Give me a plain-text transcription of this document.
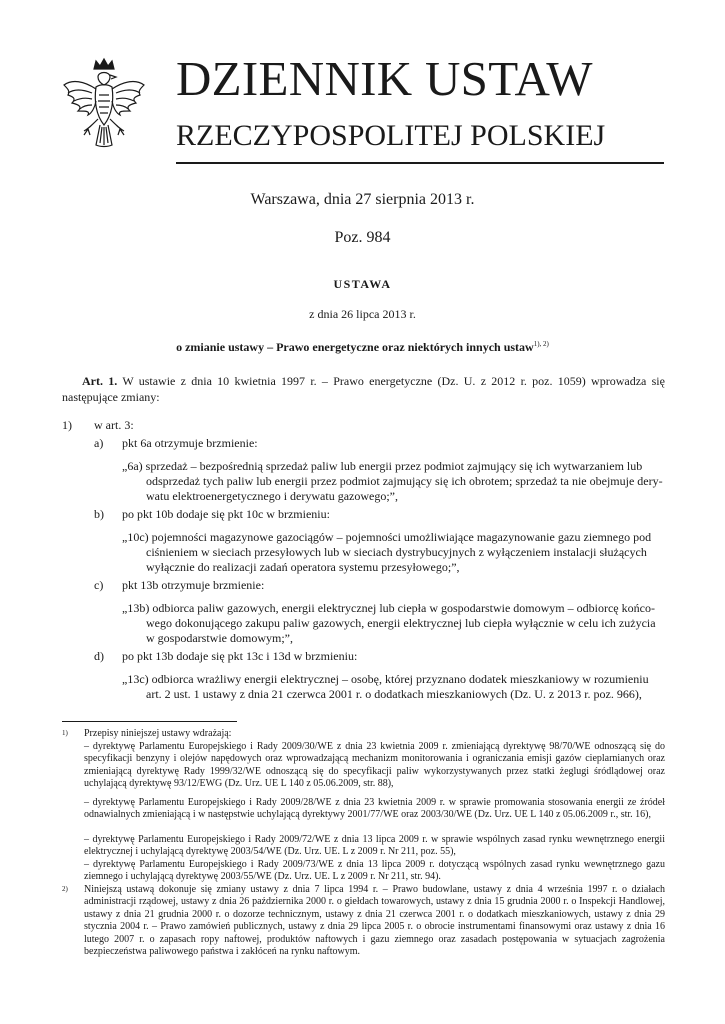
DZIENNIK USTAW
RZECZYPOSPOLITEJ POLSKIEJ
Warszawa, dnia 27 sierpnia 2013 r.
Poz. 984
USTAWA
z dnia 26 lipca 2013 r.
o zmianie ustawy – Prawo energetyczne oraz niektórych innych ustaw$^{1), 2)}$
Art. 1. W ustawie z dnia 10 kwietnia 1997 r. – Prawo energetyczne (Dz. U. z 2012 r. poz. 1059) wprowadza się następujące zmiany:
1) w art. 3:
a) pkt 6a otrzymuje brzmienie:
„6a) sprzedaż – bezpośrednią sprzedaż paliw lub energii przez podmiot zajmujący się ich wytwarzaniem lub
odsprzedaż tych paliw lub energii przez podmiot zajmujący się ich obrotem; sprzedaż ta nie obejmuje dery-
watu elektroenergetycznego i derywatu gazowego;”,
b) po pkt 10b dodaje się pkt 10c w brzmieniu:
„10c) pojemności magazynowe gazociągów – pojemności umożliwiające magazynowanie gazu ziemnego pod
ciśnieniem w sieciach przesyłowych lub w sieciach dystrybucyjnych z wyłączeniem instalacji służących
wyłącznie do realizacji zadań operatora systemu przesyłowego;”,
c) pkt 13b otrzymuje brzmienie:
„13b) odbiorca paliw gazowych, energii elektrycznej lub ciepła w gospodarstwie domowym – odbiorcę końco-
wego dokonującego zakupu paliw gazowych, energii elektrycznej lub ciepła wyłącznie w celu ich zużycia
w gospodarstwie domowym;”,
d) po pkt 13b dodaje się pkt 13c i 13d w brzmieniu:
„13c) odbiorca wrażliwy energii elektrycznej – osobę, której przyznano dodatek mieszkaniowy w rozumieniu
art. 2 ust. 1 ustawy z dnia 21 czerwca 2001 r. o dodatkach mieszkaniowych (Dz. U. z 2013 r. poz. 966),
1) Przepisy niniejszej ustawy wdrażają:
– dyrektywę Parlamentu Europejskiego i Rady 2009/30/WE z dnia 23 kwietnia 2009 r. zmieniającą dyrektywę 98/70/WE odnoszącą się do specyfikacji benzyny i olejów napędowych oraz wprowadzającą mechanizm monitorowania i ograniczania emisji gazów cieplarnianych oraz zmieniającą dyrektywę Rady 1999/32/WE odnoszącą się do specyfikacji paliw wykorzystywanych przez statki żeglugi śródlądowej oraz uchylającą dyrektywę 93/12/EWG (Dz. Urz. UE L 140 z 05.06.2009, str. 88),
– dyrektywę Parlamentu Europejskiego i Rady 2009/28/WE z dnia 23 kwietnia 2009 r. w sprawie promowania stosowania energii ze źródeł odnawialnych zmieniającą i w następstwie uchylającą dyrektywy 2001/77/WE oraz 2003/30/WE (Dz. Urz. UE L 140 z 05.06.2009 r., str. 16),
– dyrektywę Parlamentu Europejskiego i Rady 2009/72/WE z dnia 13 lipca 2009 r. w sprawie wspólnych zasad rynku wewnętrznego energii elektrycznej i uchylającą dyrektywę 2003/54/WE (Dz. Urz. UE. L z 2009 r. Nr 211, poz. 55),
– dyrektywę Parlamentu Europejskiego i Rady 2009/73/WE z dnia 13 lipca 2009 r. dotyczącą wspólnych zasad rynku wewnętrznego gazu ziemnego i uchylającą dyrektywę 2003/55/WE (Dz. Urz. UE. L z 2009 r. Nr 211, str. 94).
2) Niniejszą ustawą dokonuje się zmiany ustawy z dnia 7 lipca 1994 r. – Prawo budowlane, ustawy z dnia 4 września 1997 r. o działach administracji rządowej, ustawy z dnia 26 października 2000 r. o giełdach towarowych, ustawy z dnia 15 grudnia 2000 r. o Inspekcji Handlowej, ustawy z dnia 21 grudnia 2000 r. o dozorze technicznym, ustawy z dnia 21 czerwca 2001 r. o dodatkach mieszkaniowych, ustawy z dnia 29 stycznia 2004 r. – Prawo zamówień publicznych, ustawy z dnia 29 lipca 2005 r. o obrocie instrumentami finansowymi oraz ustawy z dnia 16 lutego 2007 r. o zapasach ropy naftowej, produktów naftowych i gazu ziemnego oraz zasadach postępowania w sytuacjach zagrożenia bezpieczeństwa paliwowego państwa i zakłóceń na rynku naftowym.
